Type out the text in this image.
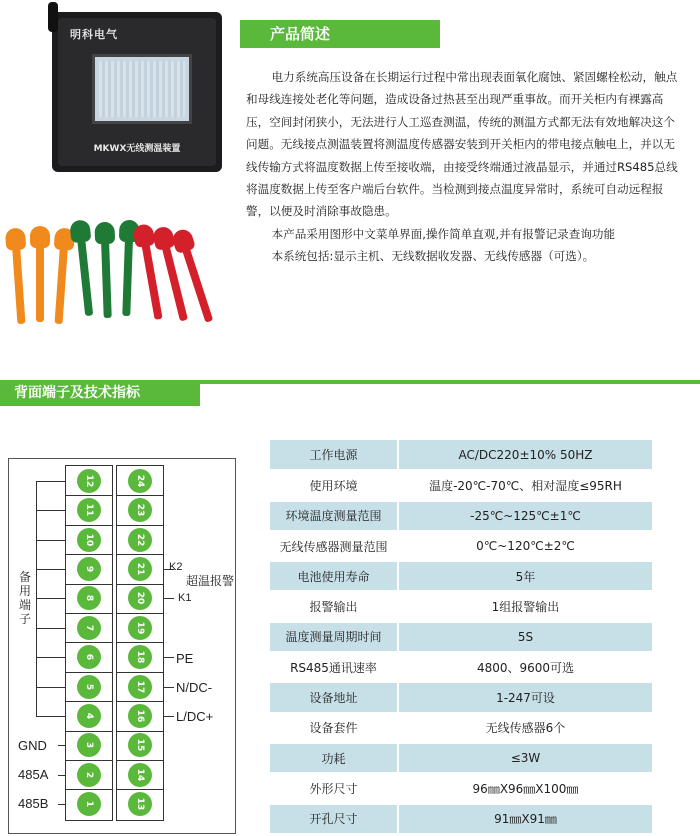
明科电气
MKWX无线测温装置
产品简述

电力系统高压设备在长期运行过程中常出现表面氧化腐蚀、紧固螺栓松动，触点和母线连接处老化等问题，造成设备过热甚至出现严重事故。而开关柜内有裸露高压，空间封闭狭小，无法进行人工巡查测温，传统的测温方式都无法有效地解决这个问题。无线接点测温装置将测温度传感器安装到开关柜内的带电接点触电上，并以无线传输方式将温度数据上传至接收端，由接受终端通过液晶显示，并通过RS485总线将温度数据上传至客户端后台软件。当检测到接点温度异常时，系统可自动远程报警，以便及时消除事故隐患。

本产品采用图形中文菜单界面,操作简单直观,并有报警记录查询功能

本系统包括:显示主机、无线数据收发器、无线传感器（可选）。

背面端子及技术指标
12	24
11	23
10	22
9	21
8	20
7	19
6	18
5	17
4	16
3	15
2	14
1	13
备用端子
K2
K1
超温报警
PE
N/DC-
L/DC+
GND
485A
485B
工作电源	AC/DC220±10% 50HZ
使用环境	温度-20℃-70℃、相对湿度≤95RH
环境温度测量范围	-25℃~125℃±1℃
无线传感器测量范围	0℃~120℃±2℃
电池使用寿命	5年
报警输出	1组报警输出
温度测量周期时间	5S
RS485通讯速率	4800、9600可选
设备地址	1-247可设
设备套件	无线传感器6个
功耗	≤3W
外形尺寸	96㎜X96㎜X100㎜
开孔尺寸	91㎜X91㎜
